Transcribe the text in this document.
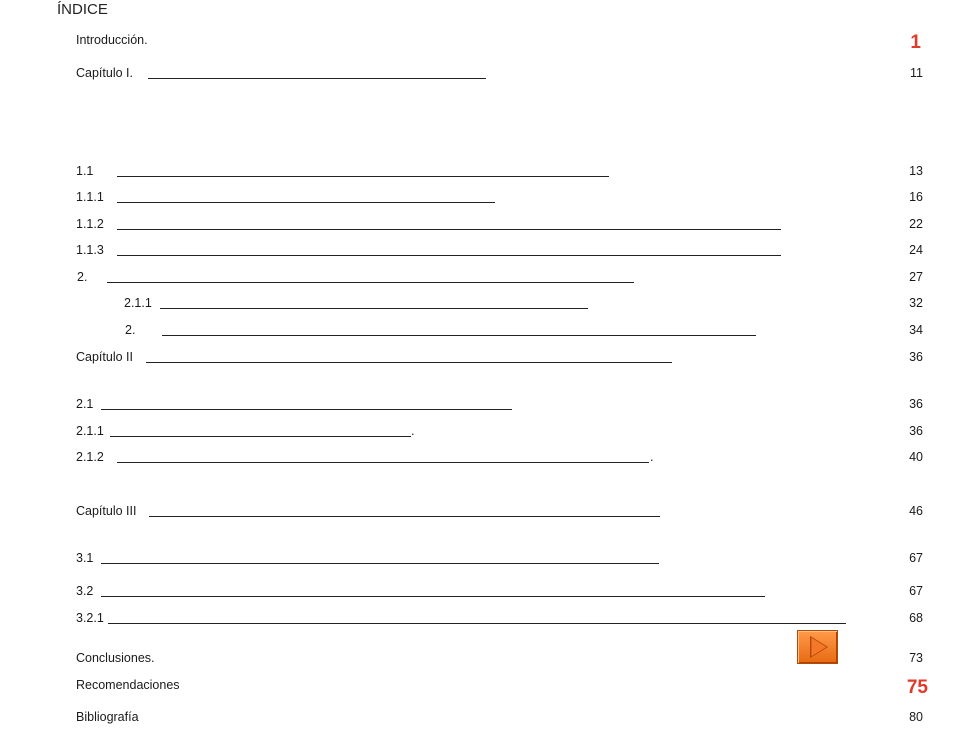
ÍNDICE
Introducción.	1
Capítulo I.	11
1.1	13
1.1.1	16
1.1.2	22
1.1.3	24
2.	27
2.1.1	32
2.	34
Capítulo II	36
2.1	36
2.1.1	.	36
2.1.2	.	40
Capítulo III	46
3.1	67
3.2	67
3.2.1	68
Conclusiones.	73
Recomendaciones	75
Bibliografía	80
